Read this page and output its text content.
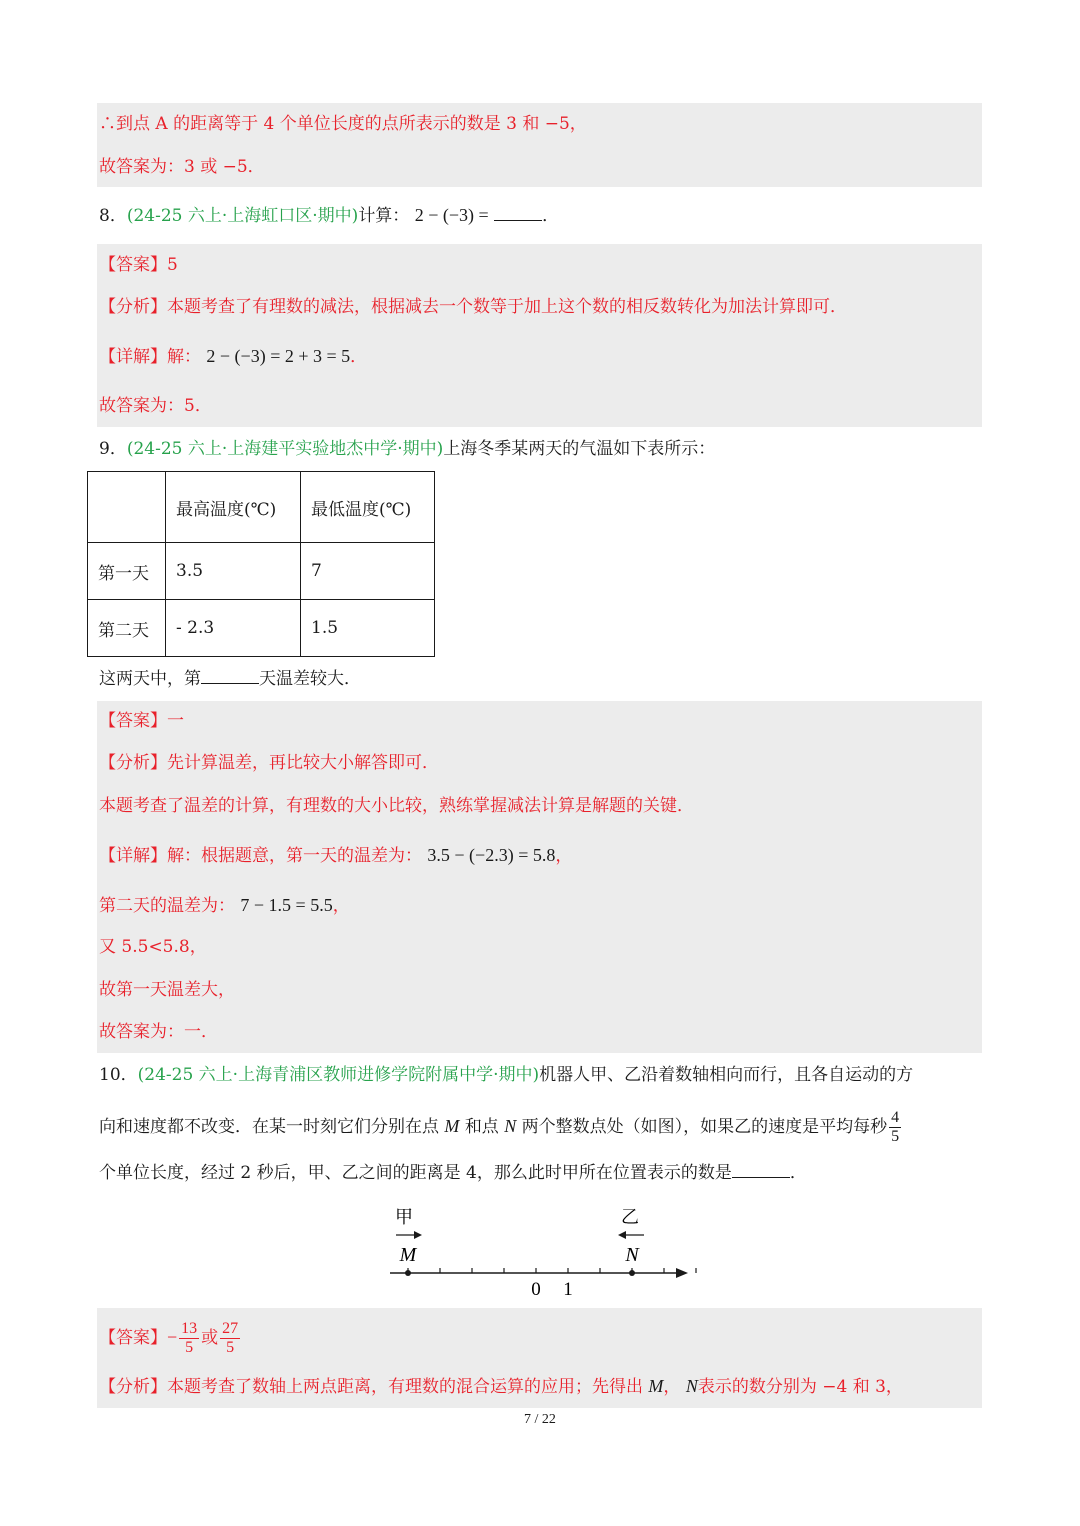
∴到点 A 的距离等于 4 个单位长度的点所表示的数是 3 和 −5，
故答案为：3 或 −5．
8．(24-25 六上·上海虹口区·期中)计算： 2 − (−3) =	．
【答案】5
【分析】本题考查了有理数的减法，根据减去一个数等于加上这个数的相反数转化为加法计算即可．
【详解】解： 2 − (−3) = 2 + 3 = 5．
故答案为：5．
9．(24-25 六上·上海建平实验地杰中学·期中)上海冬季某两天的气温如下表所示：
	最高温度(℃)	最低温度(℃)
第一天	3.5	7
第二天	- 2.3	1.5
这两天中，第	天温差较大．
【答案】一
【分析】先计算温差，再比较大小解答即可．
本题考查了温差的计算，有理数的大小比较，熟练掌握减法计算是解题的关键．
【详解】解：根据题意，第一天的温差为： 3.5 − (−2.3) = 5.8，
第二天的温差为： 7 − 1.5 = 5.5，
又 5.5<5.8，
故第一天温差大，
故答案为：一．
10．(24-25 六上·上海青浦区教师进修学院附属中学·期中)机器人甲、乙沿着数轴相向而行，且各自运动的方
向和速度都不改变．在某一时刻它们分别在点 M 和点 N 两个整数点处（如图），如果乙的速度是平均每秒 $\frac{4}{5}$
个单位长度，经过 2 秒后，甲、乙之间的距离是 4，那么此时甲所在位置表示的数是	．
M	N
甲	乙
0 1
【答案】− $\frac{13}{5}$ 或 $\frac{27}{5}$
【分析】本题考查了数轴上两点距离，有理数的混合运算的应用；先得出 M， N表示的数分别为 −4 和 3，
7 / 22
